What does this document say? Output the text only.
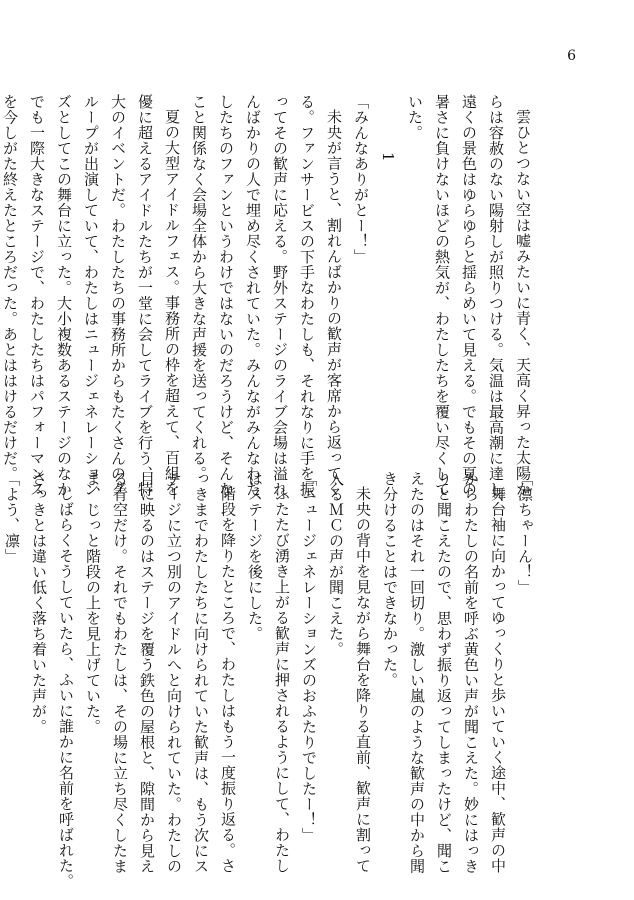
6
雲ひとつない空は嘘みたいに青く、天高く昇った太陽か
らは容赦のない陽射しが照りつける。気温は最高潮に達し、
遠くの景色はゆらゆらと揺らめいて見える。でもその夏の
暑さに負けないほどの熱気が、わたしたちを覆い尽くして
いた。
1
「みんなありがとー！」
未央が言うと、割れんばかりの歓声が客席から返ってく
る。ファンサービスの下手なわたしも、それなりに手を振
ってその歓声に応える。野外ステージのライブ会場は溢れ
んばかりの人で埋め尽くされていた。みんながみんなわた
したちのファンというわけではないのだろうけど、そんな
こと関係なく会場全体から大きな声援を送ってくれる。
夏の大型アイドルフェス。事務所の枠を超えて、百組を
優に超えるアイドルたちが一堂に会してライブを行う、特
大のイベントだ。わたしたちの事務所からもたくさんのグ
ループが出演していて、わたしはニュージェネレーション
ズとしてこの舞台に立った。大小複数あるステージのなか
でも一際大きなステージで、わたしたちはパフォーマンス
を今しがた終えたところだった。あとははけるだけだ。
「凛ちゃーん！」
舞台袖に向かってゆっくりと歩いていく途中、歓声の中
からわたしの名前を呼ぶ黄色い声が聞こえた。妙にはっき
りと聞こえたので、思わず振り返ってしまったけど、聞こ
えたのはそれ一回切り。激しい嵐のような歓声の中から聞
き分けることはできなかった。
未央の背中を見ながら舞台を降りる直前、歓声に割って
入るＭＣの声が聞こえた。
「ニュージェネレーションズのおふたりでしたー！」
ふたたび湧き上がる歓声に押されるようにして、わたし
はステージを後にした。
階段を降りたところで、わたしはもう一度振り返る。さ
っきまでわたしたちに向けられていた歓声は、もう次にス
テージに立つ別のアイドルへと向けられていた。わたしの
目に映るのはステージを覆う鉄色の屋根と、隙間から見え
る青空だけ。それでもわたしは、その場に立ち尽くしたま
ま、じっと階段の上を見上げていた。
しばらくそうしていたら、ふいに誰かに名前を呼ばれた。
さっきとは違い低く落ち着いた声が。
「よう、凛」
